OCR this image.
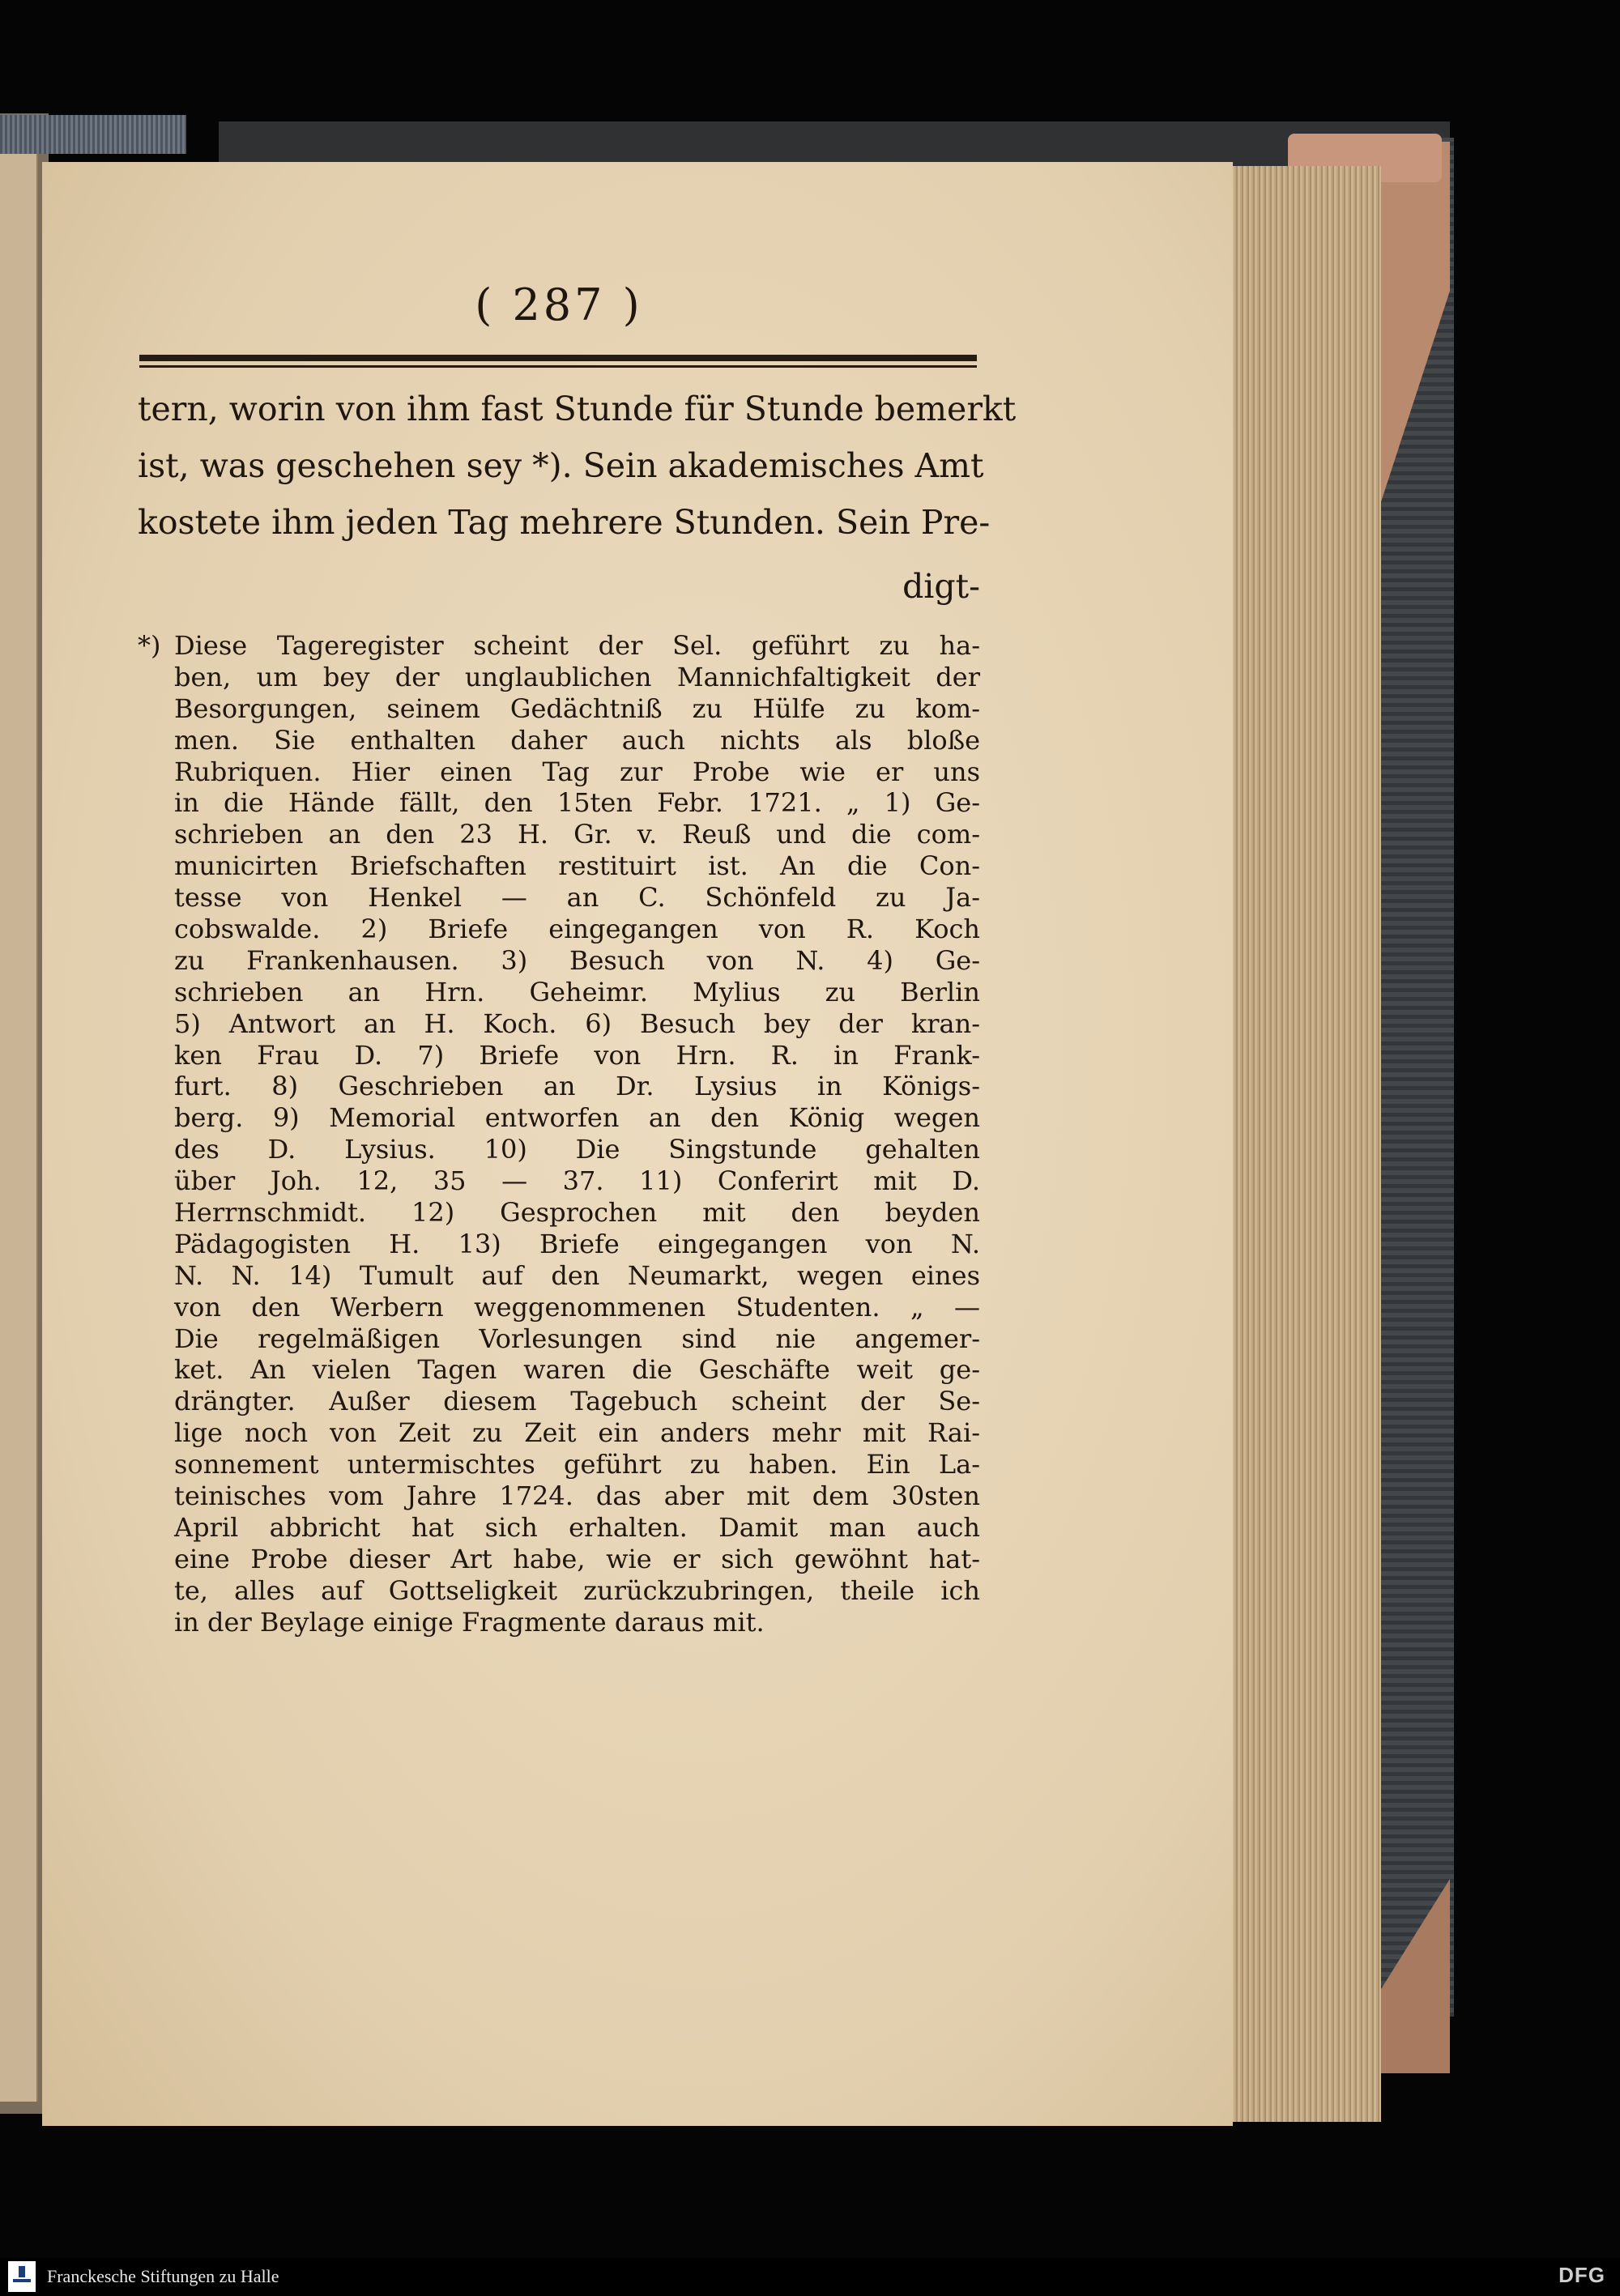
( 287 )
tern, worin von ihm fast Stunde für Stunde bemerkt
ist, was geschehen sey *). Sein akademisches Amt
kostete ihm jeden Tag mehrere Stunden. Sein Pre-
digt-
*) Diese Tageregister scheint der Sel. geführt zu ha-
ben, um bey der unglaublichen Mannichfaltigkeit der
Besorgungen, seinem Gedächtniß zu Hülfe zu kom-
men. Sie enthalten daher auch nichts als bloße
Rubriquen. Hier einen Tag zur Probe wie er uns
in die Hände fällt, den 15ten Febr. 1721. „ 1) Ge-
schrieben an den 23 H. Gr. v. Reuß und die com-
municirten Briefschaften restituirt ist. An die Con-
tesse von Henkel — an C. Schönfeld zu Ja-
cobswalde. 2) Briefe eingegangen von R. Koch
zu Frankenhausen. 3) Besuch von N. 4) Ge-
schrieben an Hrn. Geheimr. Mylius zu Berlin
5) Antwort an H. Koch. 6) Besuch bey der kran-
ken Frau D. 7) Briefe von Hrn. R. in Frank-
furt. 8) Geschrieben an Dr. Lysius in Königs-
berg. 9) Memorial entworfen an den König wegen
des D. Lysius. 10) Die Singstunde gehalten
über Joh. 12, 35 — 37. 11) Conferirt mit D.
Herrnschmidt. 12) Gesprochen mit den beyden
Pädagogisten H. 13) Briefe eingegangen von N.
N. N. 14) Tumult auf den Neumarkt, wegen eines
von den Werbern weggenommenen Studenten. „ —
Die regelmäßigen Vorlesungen sind nie angemer-
ket. An vielen Tagen waren die Geschäfte weit ge-
drängter. Außer diesem Tagebuch scheint der Se-
lige noch von Zeit zu Zeit ein anders mehr mit Rai-
sonnement untermischtes geführt zu haben. Ein La-
teinisches vom Jahre 1724. das aber mit dem 30sten
April abbricht hat sich erhalten. Damit man auch
eine Probe dieser Art habe, wie er sich gewöhnt hat-
te, alles auf Gottseligkeit zurückzubringen, theile ich
in der Beylage einige Fragmente daraus mit.
Franckesche Stiftungen zu Halle	DFG
